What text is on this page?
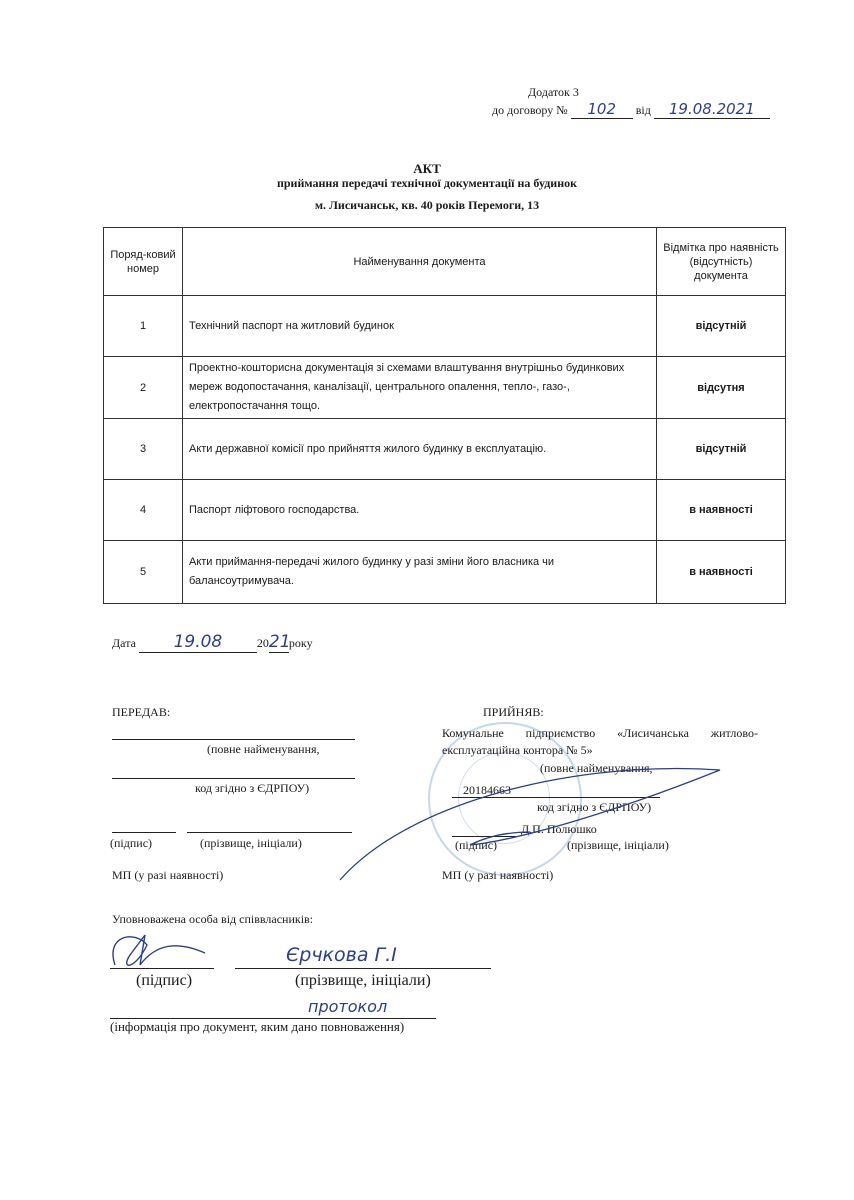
Додаток 3
до договору № 102 від 19.08.2021
АКТ
приймання передачі технічної документації на будинок
м. Лисичанськ, кв. 40 років Перемоги, 13
Поряд-ковий номер	Найменування документа	Відмітка про наявність (відсутність) документа
1	Технічний паспорт на житловий будинок	відсутній
2	Проектно-кошторисна документація зі схемами влаштування внутрішньо будинкових мереж водопостачання, каналізації, центрального опалення, тепло-, газо-, електропостачання тощо.	відсутня
3	Акти державної комісії про прийняття жилого будинку в експлуатацію.	відсутній
4	Паспорт ліфтового господарства.	в наявності
5	Акти приймання-передачі жилого будинку у разі зміни його власника чи балансоутримувача.	в наявності
Дата 19.08	2021року
ПЕРЕДАВ:
(повне найменування,
код згідно з ЄДРПОУ)
(підпис)	(прізвище, ініціали)
МП (у разі наявності)
ПРИЙНЯВ:
Комунальне підприємство «Лисичанська житлово-
експлуатаційна контора № 5»
(повне найменування,
20184663
код згідно з ЄДРПОУ)
Д.П. Полюшко
(підпис)	(прізвище, ініціали)
МП (у разі наявності)
Уповноважена особа від співвласників:
Єрчкова Г.І
(підпис)	(прізвище, ініціали)
протокол
(інформація про документ, яким дано повноваження)
